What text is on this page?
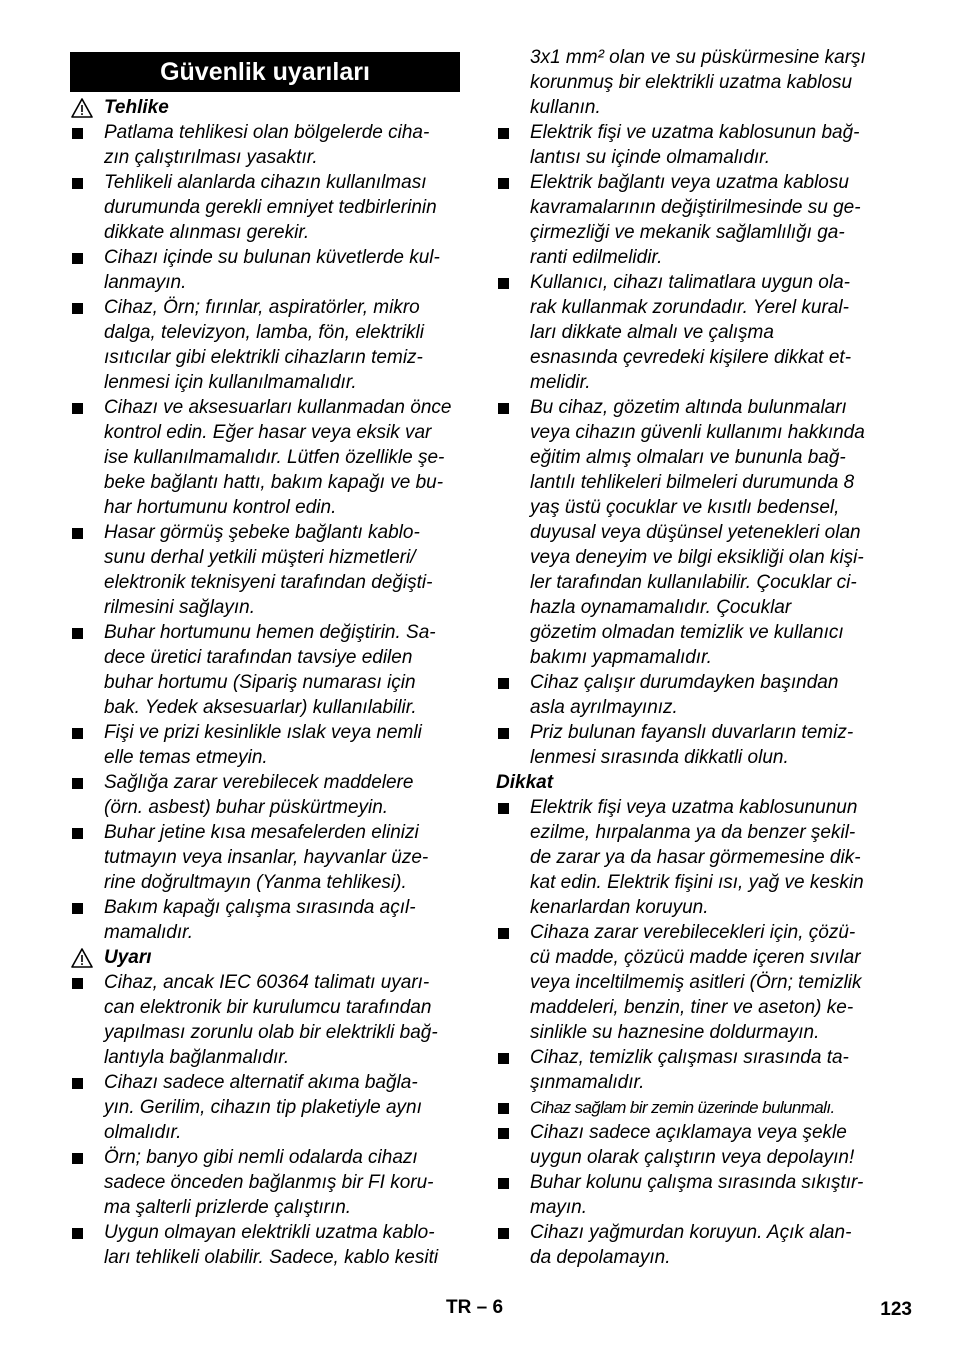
Güvenlik uyarıları
Tehlike
Patlama tehlikesi olan bölgelerde ciha-
zın çalıştırılması yasaktır.
Tehlikeli alanlarda cihazın kullanılması
durumunda gerekli emniyet tedbirlerinin
dikkate alınması gerekir.
Cihazı içinde su bulunan küvetlerde kul-
lanmayın.
Cihaz, Örn; fırınlar, aspiratörler, mikro
dalga, televizyon, lamba, fön, elektrikli
ısıtıcılar gibi elektrikli cihazların temiz-
lenmesi için kullanılmamalıdır.
Cihazı ve aksesuarları kullanmadan önce
kontrol edin. Eğer hasar veya eksik var
ise kullanılmamalıdır. Lütfen özellikle şe-
beke bağlantı hattı, bakım kapağı ve bu-
har hortumunu kontrol edin.
Hasar görmüş şebeke bağlantı kablo-
sunu derhal yetkili müşteri hizmetleri/
elektronik teknisyeni tarafından değişti-
rilmesini sağlayın.
Buhar hortumunu hemen değiştirin. Sa-
dece üretici tarafından tavsiye edilen
buhar hortumu (Sipariş numarası için
bak. Yedek aksesuarlar) kullanılabilir.
Fişi ve prizi kesinlikle ıslak veya nemli
elle temas etmeyin.
Sağlığa zarar verebilecek maddelere
(örn. asbest) buhar püskürtmeyin.
Buhar jetine kısa mesafelerden elinizi
tutmayın veya insanlar, hayvanlar üze-
rine doğrultmayın (Yanma tehlikesi).
Bakım kapağı çalışma sırasında açıl-
mamalıdır.
Uyarı
Cihaz, ancak IEC 60364 talimatı uyarı-
can elektronik bir kurulumcu tarafından
yapılması zorunlu olab bir elektrikli bağ-
lantıyla bağlanmalıdır.
Cihazı sadece alternatif akıma bağla-
yın. Gerilim, cihazın tip plaketiyle aynı
olmalıdır.
Örn; banyo gibi nemli odalarda cihazı
sadece önceden bağlanmış bir FI koru-
ma şalterli prizlerde çalıştırın.
Uygun olmayan elektrikli uzatma kablo-
ları tehlikeli olabilir. Sadece, kablo kesiti
3x1 mm² olan ve su püskürmesine karşı
korunmuş bir elektrikli uzatma kablosu
kullanın.
Elektrik fişi ve uzatma kablosunun bağ-
lantısı su içinde olmamalıdır.
Elektrik bağlantı veya uzatma kablosu
kavramalarının değiştirilmesinde su ge-
çirmezliği ve mekanik sağlamlılığı ga-
ranti edilmelidir.
Kullanıcı, cihazı talimatlara uygun ola-
rak kullanmak zorundadır. Yerel kural-
ları dikkate almalı ve çalışma
esnasında çevredeki kişilere dikkat et-
melidir.
Bu cihaz, gözetim altında bulunmaları
veya cihazın güvenli kullanımı hakkında
eğitim almış olmaları ve bununla bağ-
lantılı tehlikeleri bilmeleri durumunda 8
yaş üstü çocuklar ve kısıtlı bedensel,
duyusal veya düşünsel yetenekleri olan
veya deneyim ve bilgi eksikliği olan kişi-
ler tarafından kullanılabilir. Çocuklar ci-
hazla oynamamalıdır. Çocuklar
gözetim olmadan temizlik ve kullanıcı
bakımı yapmamalıdır.
Cihaz çalışır durumdayken başından
asla ayrılmayınız.
Priz bulunan fayanslı duvarların temiz-
lenmesi sırasında dikkatli olun.
Dikkat
Elektrik fişi veya uzatma kablosununun
ezilme, hırpalanma ya da benzer şekil-
de zarar ya da hasar görmemesine dik-
kat edin. Elektrik fişini ısı, yağ ve keskin
kenarlardan koruyun.
Cihaza zarar verebilecekleri için, çözü-
cü madde, çözücü madde içeren sıvılar
veya inceltilmemiş asitleri (Örn; temizlik
maddeleri, benzin, tiner ve aseton) ke-
sinlikle su haznesine doldurmayın.
Cihaz, temizlik çalışması sırasında ta-
şınmamalıdır.
Cihaz sağlam bir zemin üzerinde bulunmalı.
Cihazı sadece açıklamaya veya şekle
uygun olarak çalıştırın veya depolayın!
Buhar kolunu çalışma sırasında sıkıştır-
mayın.
Cihazı yağmurdan koruyun. Açık alan-
da depolamayın.
TR – 6	123
